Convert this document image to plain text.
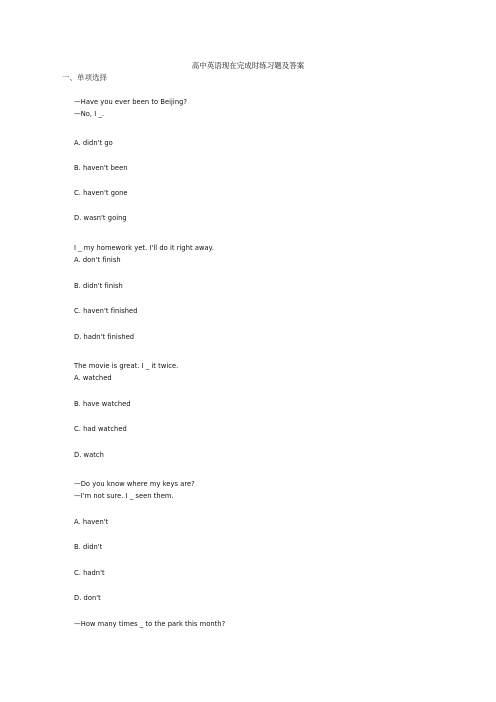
高中英语现在完成时练习题及答案
一、单项选择
—Have you ever been to Beijing?
—No, I _.
A. didn't go
B. haven't been
C. haven't gone
D. wasn't going
I _ my homework yet. I'll do it right away.
A. don't finish
B. didn't finish
C. haven't finished
D. hadn't finished
The movie is great. I _ it twice.
A. watched
B. have watched
C. had watched
D. watch
—Do you know where my keys are?
—I'm not sure. I _ seen them.
A. haven't
B. didn't
C. hadn't
D. don't
—How many times _ to the park this month?
